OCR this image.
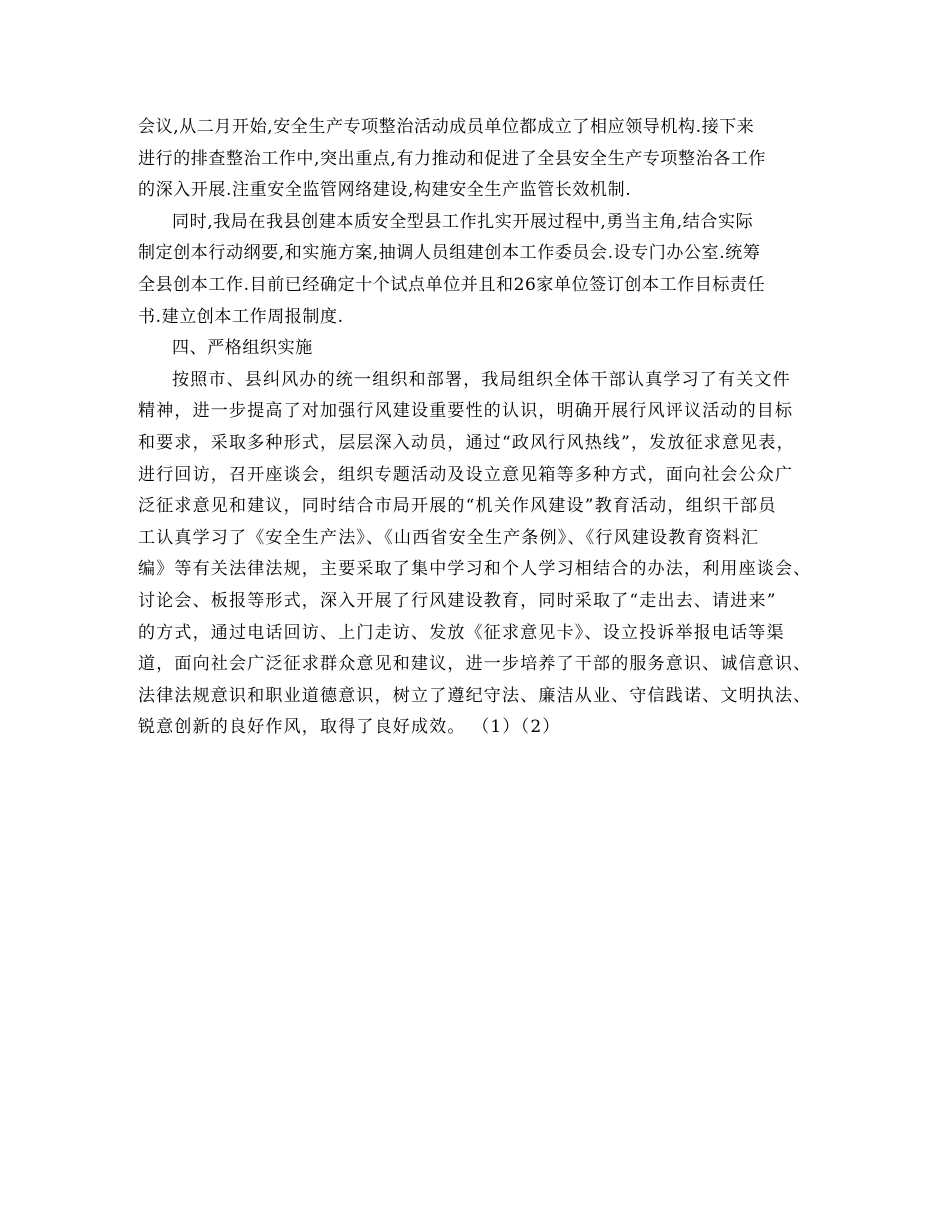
会议,从二月开始,安全生产专项整治活动成员单位都成立了相应领导机构.接下来
进行的排查整治工作中,突出重点,有力推动和促进了全县安全生产专项整治各工作
的深入开展.注重安全监管网络建设,构建安全生产监管长效机制.
同时,我局在我县创建本质安全型县工作扎实开展过程中,勇当主角,结合实际
制定创本行动纲要,和实施方案,抽调人员组建创本工作委员会.设专门办公室.统筹
全县创本工作.目前已经确定十个试点单位并且和26家单位签订创本工作目标责任
书.建立创本工作周报制度.
四、严格组织实施
按照市、县纠风办的统一组织和部署，我局组织全体干部认真学习了有关文件
精神，进一步提高了对加强行风建设重要性的认识，明确开展行风评议活动的目标
和要求，采取多种形式，层层深入动员，通过“政风行风热线”，发放征求意见表，
进行回访，召开座谈会，组织专题活动及设立意见箱等多种方式，面向社会公众广
泛征求意见和建议，同时结合市局开展的“机关作风建设”教育活动，组织干部员
工认真学习了《安全生产法》、《山西省安全生产条例》、《行风建设教育资料汇
编》等有关法律法规，主要采取了集中学习和个人学习相结合的办法，利用座谈会、
讨论会、板报等形式，深入开展了行风建设教育，同时采取了“走出去、请进来”
的方式，通过电话回访、上门走访、发放《征求意见卡》、设立投诉举报电话等渠
道，面向社会广泛征求群众意见和建议，进一步培养了干部的服务意识、诚信意识、
法律法规意识和职业道德意识，树立了遵纪守法、廉洁从业、守信践诺、文明执法、
锐意创新的良好作风，取得了良好成效。 （1）（2）
